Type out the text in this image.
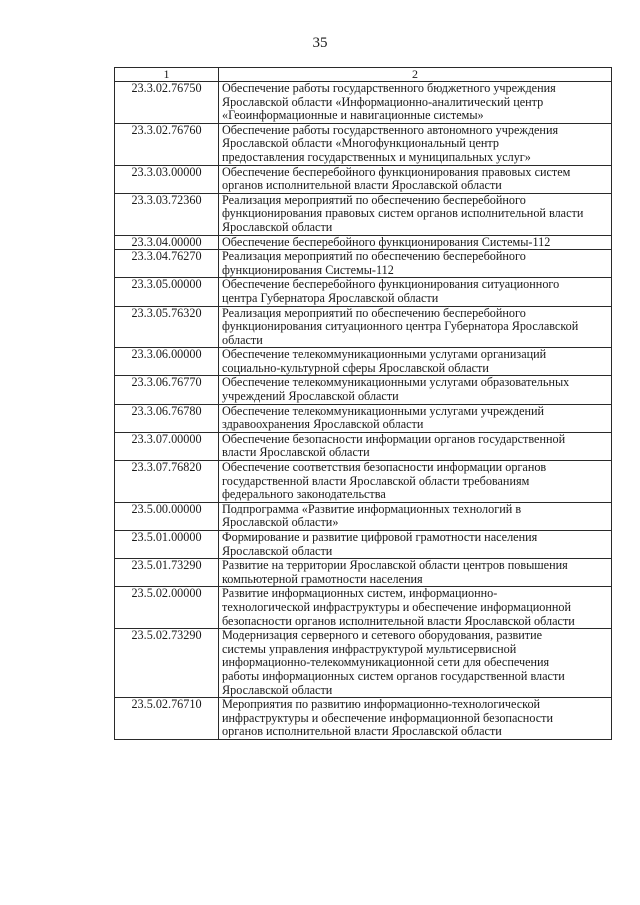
35
1	2
23.3.02.76750	Обеспечение работы государственного бюджетного учреждения
Ярославской области «Информационно-аналитический центр
«Геоинформационные и навигационные системы»

23.3.02.76760	Обеспечение работы государственного автономного учреждения
Ярославской области «Многофункциональный центр
предоставления государственных и муниципальных услуг»

23.3.03.00000	Обеспечение бесперебойного функционирования правовых систем
органов исполнительной власти Ярославской области

23.3.03.72360	Реализация мероприятий по обеспечению бесперебойного
функционирования правовых систем органов исполнительной власти
Ярославской области

23.3.04.00000	Обеспечение бесперебойного функционирования Системы-112

23.3.04.76270	Реализация мероприятий по обеспечению бесперебойного
функционирования Системы-112

23.3.05.00000	Обеспечение бесперебойного функционирования ситуационного
центра Губернатора Ярославской области

23.3.05.76320	Реализация мероприятий по обеспечению бесперебойного
функционирования ситуационного центра Губернатора Ярославской
области

23.3.06.00000	Обеспечение телекоммуникационными услугами организаций
социально-культурной сферы Ярославской области

23.3.06.76770	Обеспечение телекоммуникационными услугами образовательных
учреждений Ярославской области

23.3.06.76780	Обеспечение телекоммуникационными услугами учреждений
здравоохранения Ярославской области

23.3.07.00000	Обеспечение безопасности информации органов государственной
власти Ярославской области

23.3.07.76820	Обеспечение соответствия безопасности информации органов
государственной власти Ярославской области требованиям
федерального законодательства

23.5.00.00000	Подпрограмма «Развитие информационных технологий в
Ярославской области»

23.5.01.00000	Формирование и развитие цифровой грамотности населения
Ярославской области

23.5.01.73290	Развитие на территории Ярославской области центров повышения
компьютерной грамотности населения

23.5.02.00000	Развитие информационных систем, информационно-
технологической инфраструктуры и обеспечение информационной
безопасности органов исполнительной власти Ярославской области

23.5.02.73290	Модернизация серверного и сетевого оборудования, развитие
системы управления инфраструктурой мультисервисной
информационно-телекоммуникационной сети для обеспечения
работы информационных систем органов государственной власти
Ярославской области

23.5.02.76710	Мероприятия по развитию информационно-технологической
инфраструктуры и обеспечение информационной безопасности
органов исполнительной власти Ярославской области
